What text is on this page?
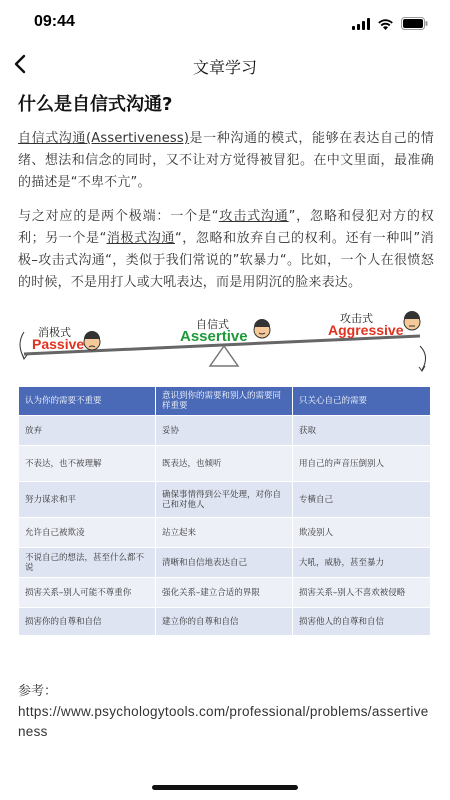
09:44
文章学习
什么是自信式沟通?

自信式沟通(Assertiveness)是一种沟通的模式，能够在表达自己的情绪、想法和信念的同时，又不让对方觉得被冒犯。在中文里面，最准确的描述是“不卑不亢”。

与之对应的是两个极端：一个是“攻击式沟通”，忽略和侵犯对方的权利；另一个是“消极式沟通“，忽略和放弃自己的权利。还有一种叫”消极–攻击式沟通“，类似于我们常说的”软暴力“。比如，一个人在很愤怒的时候，不是用打人或大吼表达，而是用阴沉的脸来表达。

消极式
Passive
自信式
Assertive
攻击式
Aggressive
认为你的需要不重要	意识到你的需要和别人的需要同样重要	只关心自己的需要
放弃	妥协	获取
不表达，也不被理解	既表达，也倾听	用自己的声音压倒别人
努力谋求和平	确保事情得到公平处理，对你自己和对他人	专横自己
允许自己被欺凌	站立起来	欺凌别人
不说自己的想法，甚至什么都不说	清晰和自信地表达自己	大吼，威胁，甚至暴力
损害关系–别人可能不尊重你	强化关系–建立合适的界限	损害关系–别人不喜欢被侵略
损害你的自尊和自信	建立你的自尊和自信	损害他人的自尊和自信
参考：
https://www.psychologytools.com/professional/problems/assertiveness
